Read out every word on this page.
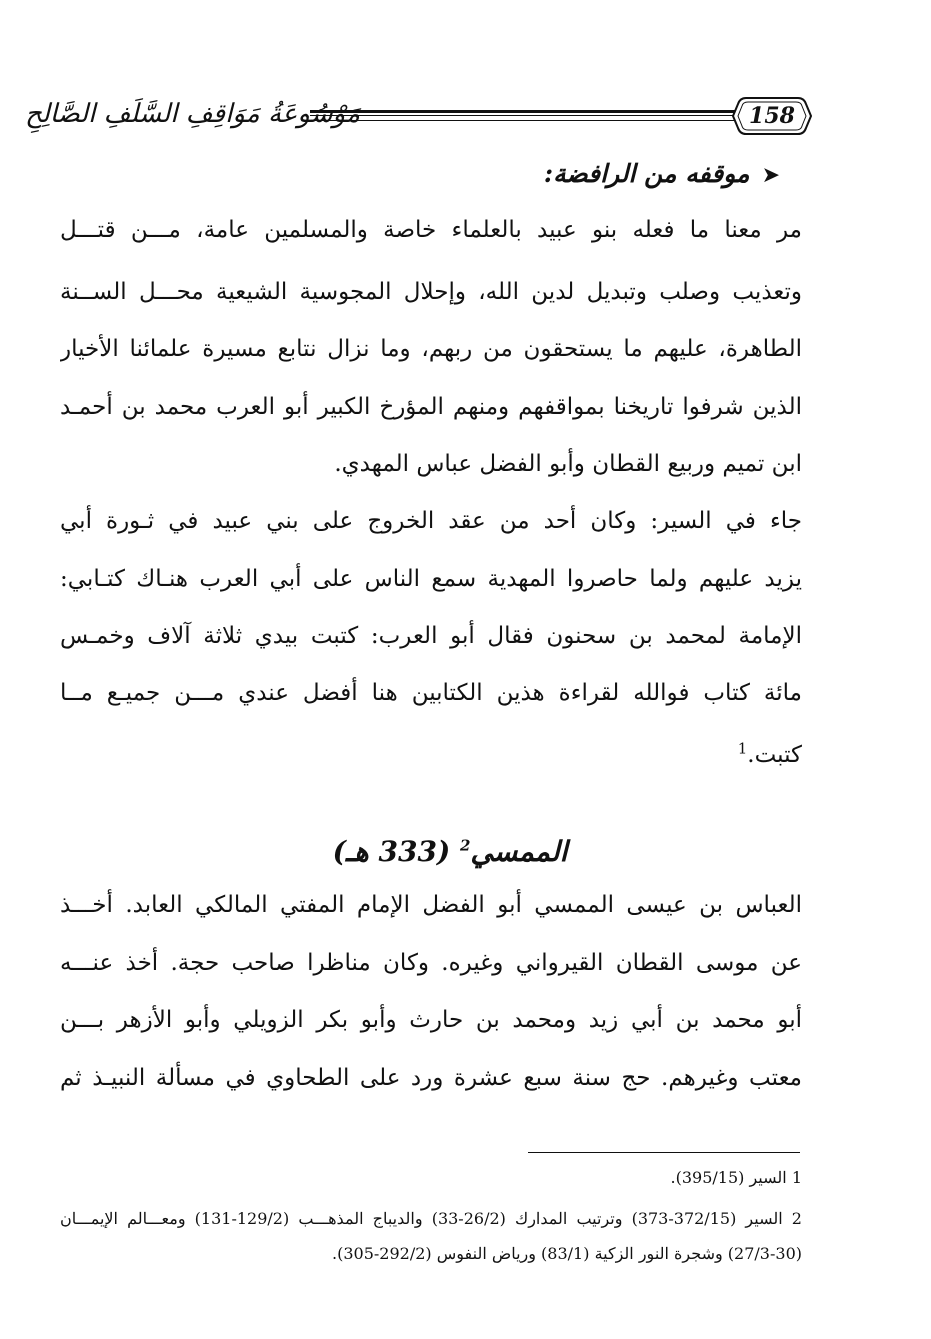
مَوْسُوعَةُ مَوَاقِفِ السَّلَفِ الصَّالِحِ	158
➤موقفه من الرافضة:
مر معنا ما فعله بنو عبيد بالعلماء خاصة والمسلمين عامة، مـــن قتـــل
وتعذيب وصلب وتبديل لدين الله، وإحلال المجوسية الشيعية محـــل الســنة
الطاهرة، عليهم ما يستحقون من ربهم، وما نزال نتابع مسيرة علمائنا الأخيار
الذين شرفوا تاريخنا بمواقفهم ومنهم المؤرخ الكبير أبو العرب محمد بن أحمـد
ابن تميم وربيع القطان وأبو الفضل عباس المهدي.
جاء في السير: وكان أحد من عقد الخروج على بني عبيد في ثـورة أبي
يزيد عليهم ولما حاصروا المهدية سمع الناس على أبي العرب هنـاك كتـابي:
الإمامة لمحمد بن سحنون فقال أبو العرب: كتبت بيدي ثلاثة آلاف وخمـس
مائة كتاب فوالله لقراءة هذين الكتابين هنا أفضل عندي مـــن جميـع مــا
كتبت.$^1$
الممسي$^2$ (333 هـ)
العباس بن عيسى الممسي أبو الفضل الإمام المفتي المالكي العابد. أخـــذ
عن موسى القطان القيرواني وغيره. وكان مناظرا صاحب حجة. أخذ عنـــه
أبو محمد بن أبي زيد ومحمد بن حارث وأبو بكر الزويلي وأبو الأزهر بـــن
معتب وغيرهم. حج سنة سبع عشرة ورد على الطحاوي في مسألة النبيـذ ثم
1 السير (395/15).
2 السير (372/15-373) وترتيب المدارك (26/2-33) والديباج المذهـــب (129/2-131) ومعـــالم الإيمـــان
(27/3-30) وشجرة النور الزكية (83/1) ورياض النفوس (292/2-305).
